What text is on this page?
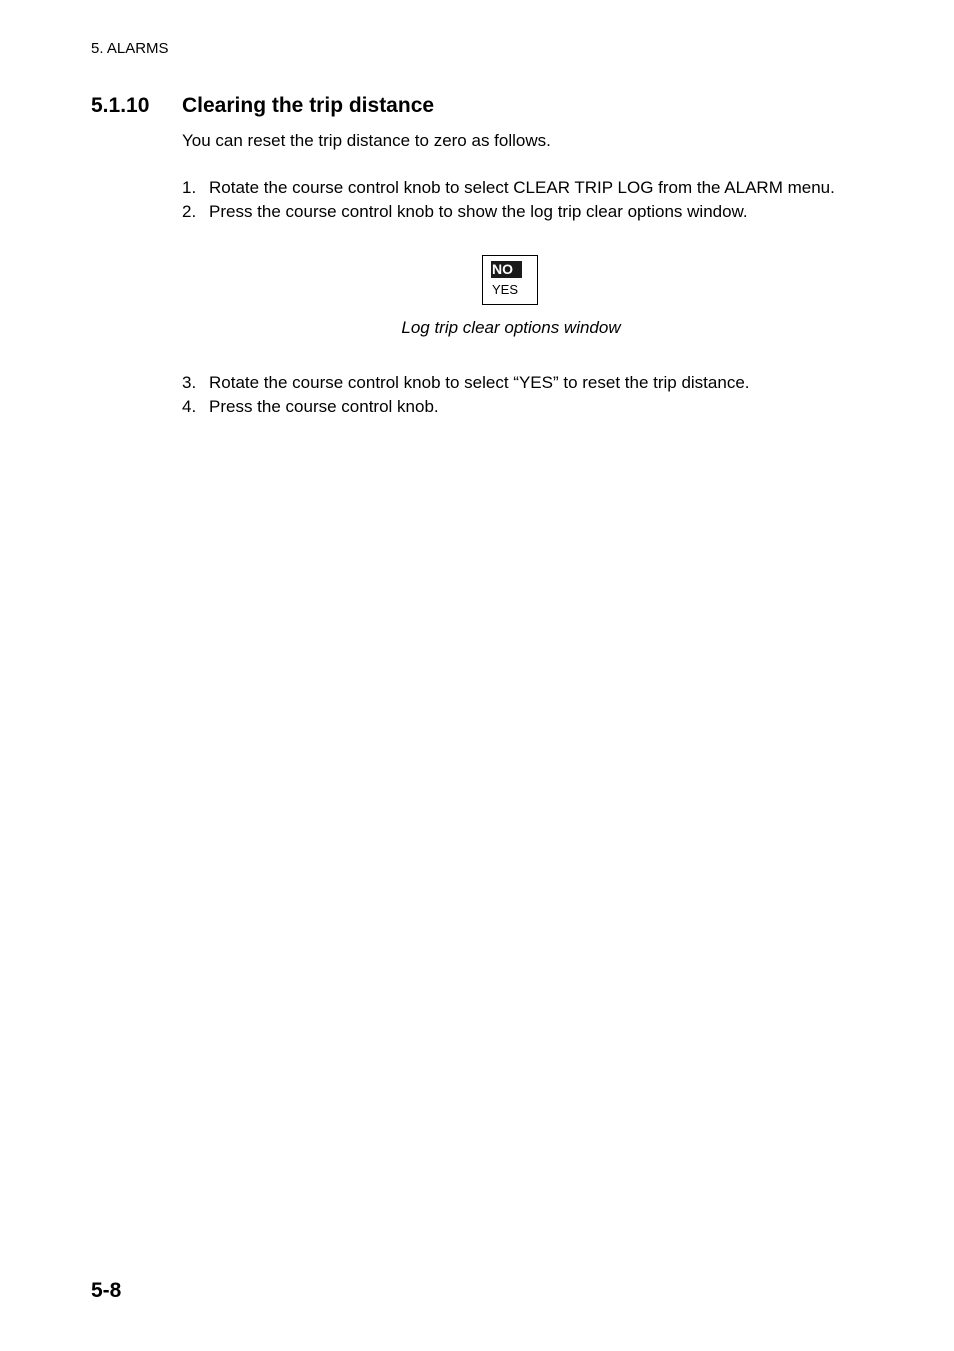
5. ALARMS
5.1.10 Clearing the trip distance
You can reset the trip distance to zero as follows.
1. Rotate the course control knob to select CLEAR TRIP LOG from the ALARM menu.
2. Press the course control knob to show the log trip clear options window.
NO
YES
Log trip clear options window
3. Rotate the course control knob to select “YES” to reset the trip distance.
4. Press the course control knob.
5-8
